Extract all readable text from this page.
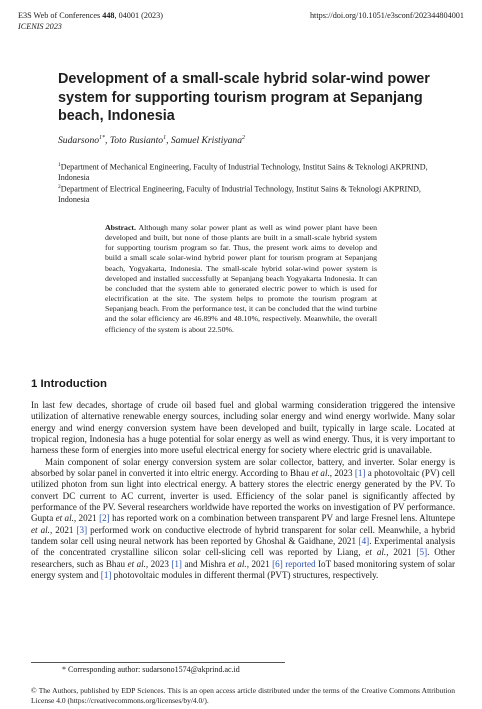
E3S Web of Conferences 448, 04001 (2023)	https://doi.org/10.1051/e3sconf/202344804001
ICENIS 2023
Development of a small-scale hybrid solar-wind power system for supporting tourism program at Sepanjang beach, Indonesia
Sudarsono$^{1*}$, Toto Rusianto$^1$, Samuel Kristiyana$^2$
$^1$Department of Mechanical Engineering, Faculty of Industrial Technology, Institut Sains & Teknologi AKPRIND, Indonesia
$^2$Department of Electrical Engineering, Faculty of Industrial Technology, Institut Sains & Teknologi AKPRIND, Indonesia
Abstract. Although many solar power plant as well as wind power plant have been developed and built, but none of those plants are built in a small-scale hybrid system for supporting tourism program so far. Thus, the present work aims to develop and build a small scale solar-wind hybrid power plant for tourism program at Sepanjang beach, Yogyakarta, Indonesia. The small-scale hybrid solar-wind power system is developed and installed successfully at Sepanjang beach Yogyakarta Indonesia. It can be concluded that the system able to generated electric power to which is used for electrification at the site. The system helps to promote the tourism program at Sepanjang beach. From the performance test, it can be concluded that the wind turbine and the solar efficiency are 46.89% and 48.10%, respectively. Meanwhile, the overall efficiency of the system is about 22.50%.
1 Introduction

In last few decades, shortage of crude oil based fuel and global warming consideration triggered the intensive utilization of alternative renewable energy sources, including solar energy and wind energy worlwide. Many solar energy and wind energy conversion system have been developed and built, typically in large scale. Located at tropical region, Indonesia has a huge potential for solar energy as well as wind energy. Thus, it is very important to harness these form of energies into more useful electrical energy for society where electric grid is unavailable.

Main component of solar energy conversion system are solar collector, battery, and inverter. Solar energy is absorbed by solar panel in converted it into eltric energy. According to Bhau et al., 2023 [1] a photovoltaic (PV) cell utilized photon from sun light into electrical energy. A battery stores the electric energy generated by the PV. To convert DC current to AC current, inverter is used. Efficiency of the solar panel is significantly affected by performance of the PV. Several researchers worldwide have reported the works on investigation of PV performance. Gupta et al., 2021 [2] has reported work on a combination between transparent PV and large Fresnel lens. Altuntepe et al., 2021 [3] performed work on conductive electrode of hybrid transparent for solar cell. Meanwhile, a hybrid tandem solar cell using neural network has been reported by Ghoshal & Gaidhane, 2021 [4]. Experimental analysis of the concentrated crystalline silicon solar cell-slicing cell was reported by Liang, et al., 2021 [5]. Other researchers, such as Bhau et al., 2023 [1] and Mishra et al., 2021 [6] reported IoT based monitoring system of solar energy system and [1] photovoltaic modules in different thermal (PVT) structures, respectively.

* Corresponding author: sudarsono1574@akprind.ac.id
© The Authors, published by EDP Sciences. This is an open access article distributed under the terms of the Creative Commons Attribution License 4.0 (https://creativecommons.org/licenses/by/4.0/).
